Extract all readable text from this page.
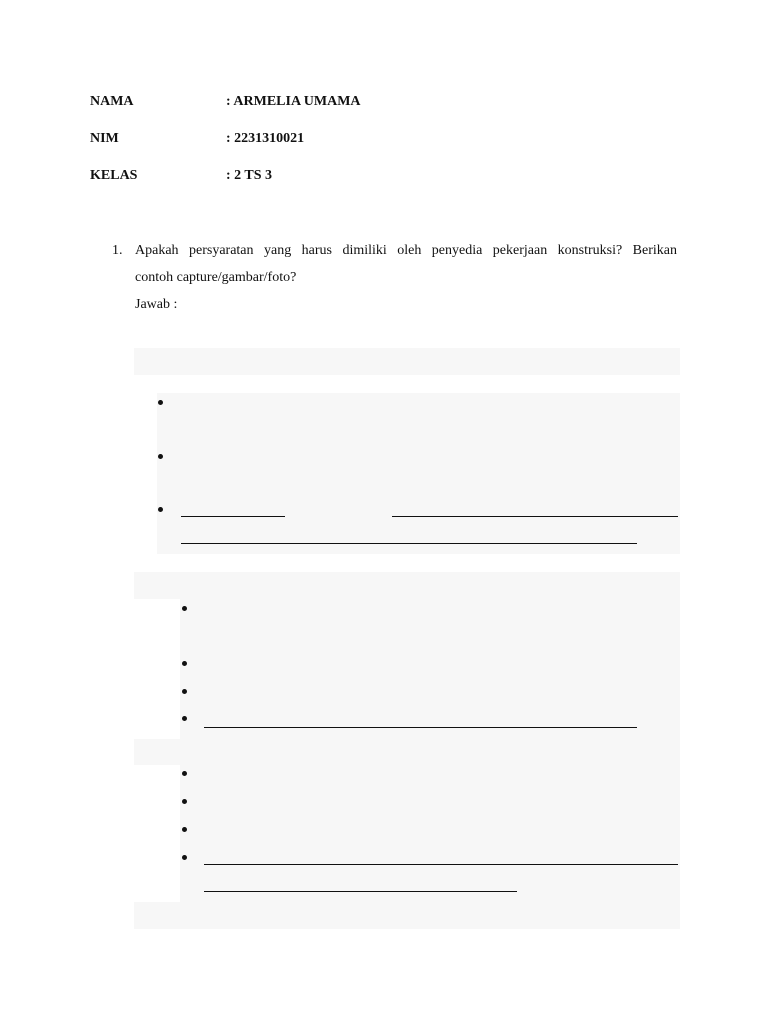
NAMA	: ARMELIA UMAMA
NIM	: 2231310021
KELAS	: 2 TS 3
1. Apakah persyaratan yang harus dimiliki oleh penyedia pekerjaan konstruksi? Berikan
contoh capture/gambar/foto?
Jawab :
